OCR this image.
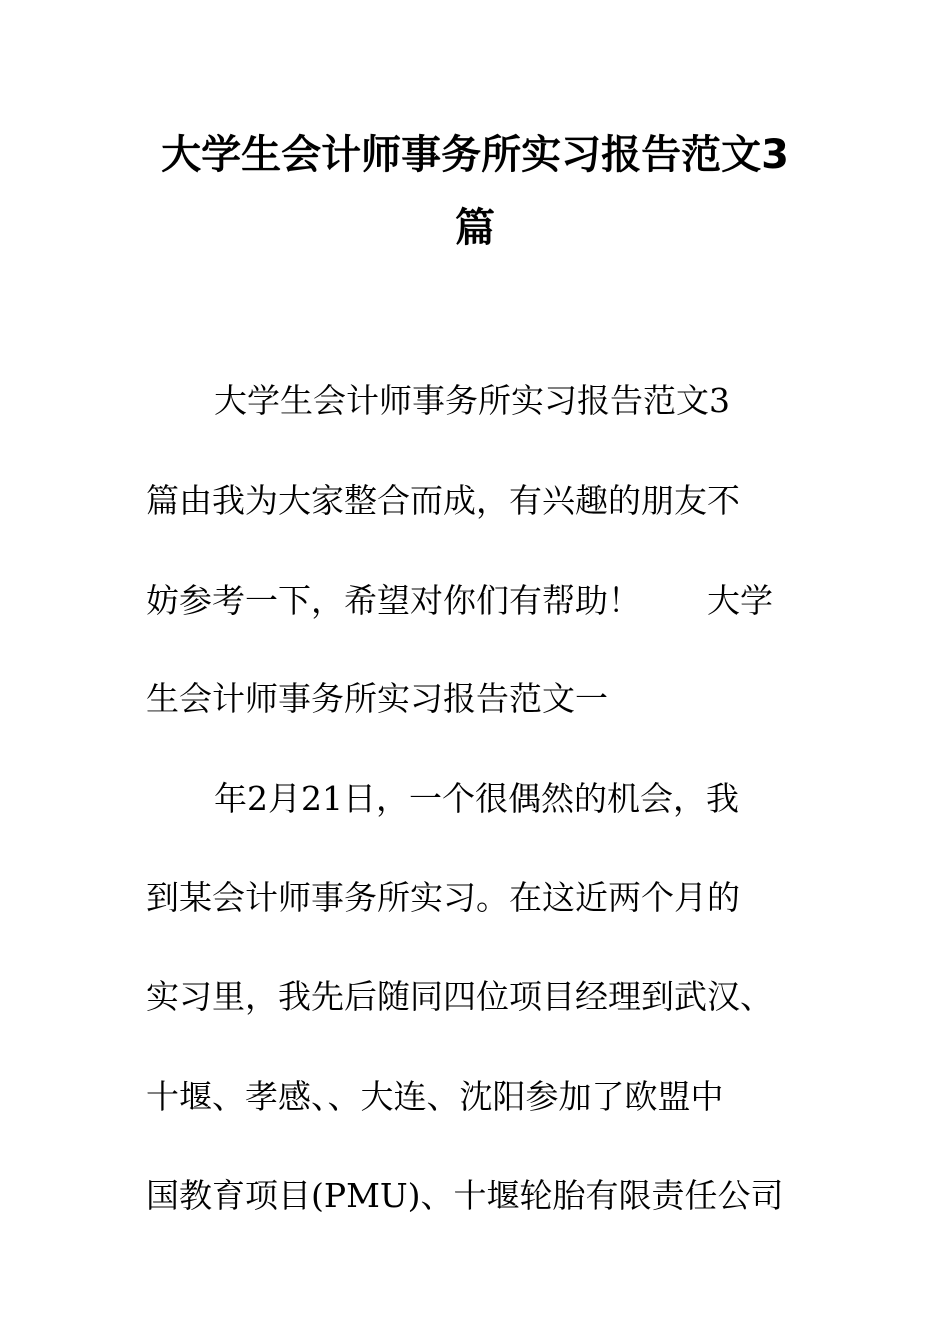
大学生会计师事务所实习报告范文3
篇

大学生会计师事务所实习报告范文3

篇由我为大家整合而成，有兴趣的朋友不

妨参考一下，希望对你们有帮助！　　大学

生会计师事务所实习报告范文一

年2月21日，一个很偶然的机会，我

到某会计师事务所实习。在这近两个月的

实习里，我先后随同四位项目经理到武汉、

十堰、孝感、、大连、沈阳参加了欧盟中

国教育项目(PMU)、十堰轮胎有限责任公司
